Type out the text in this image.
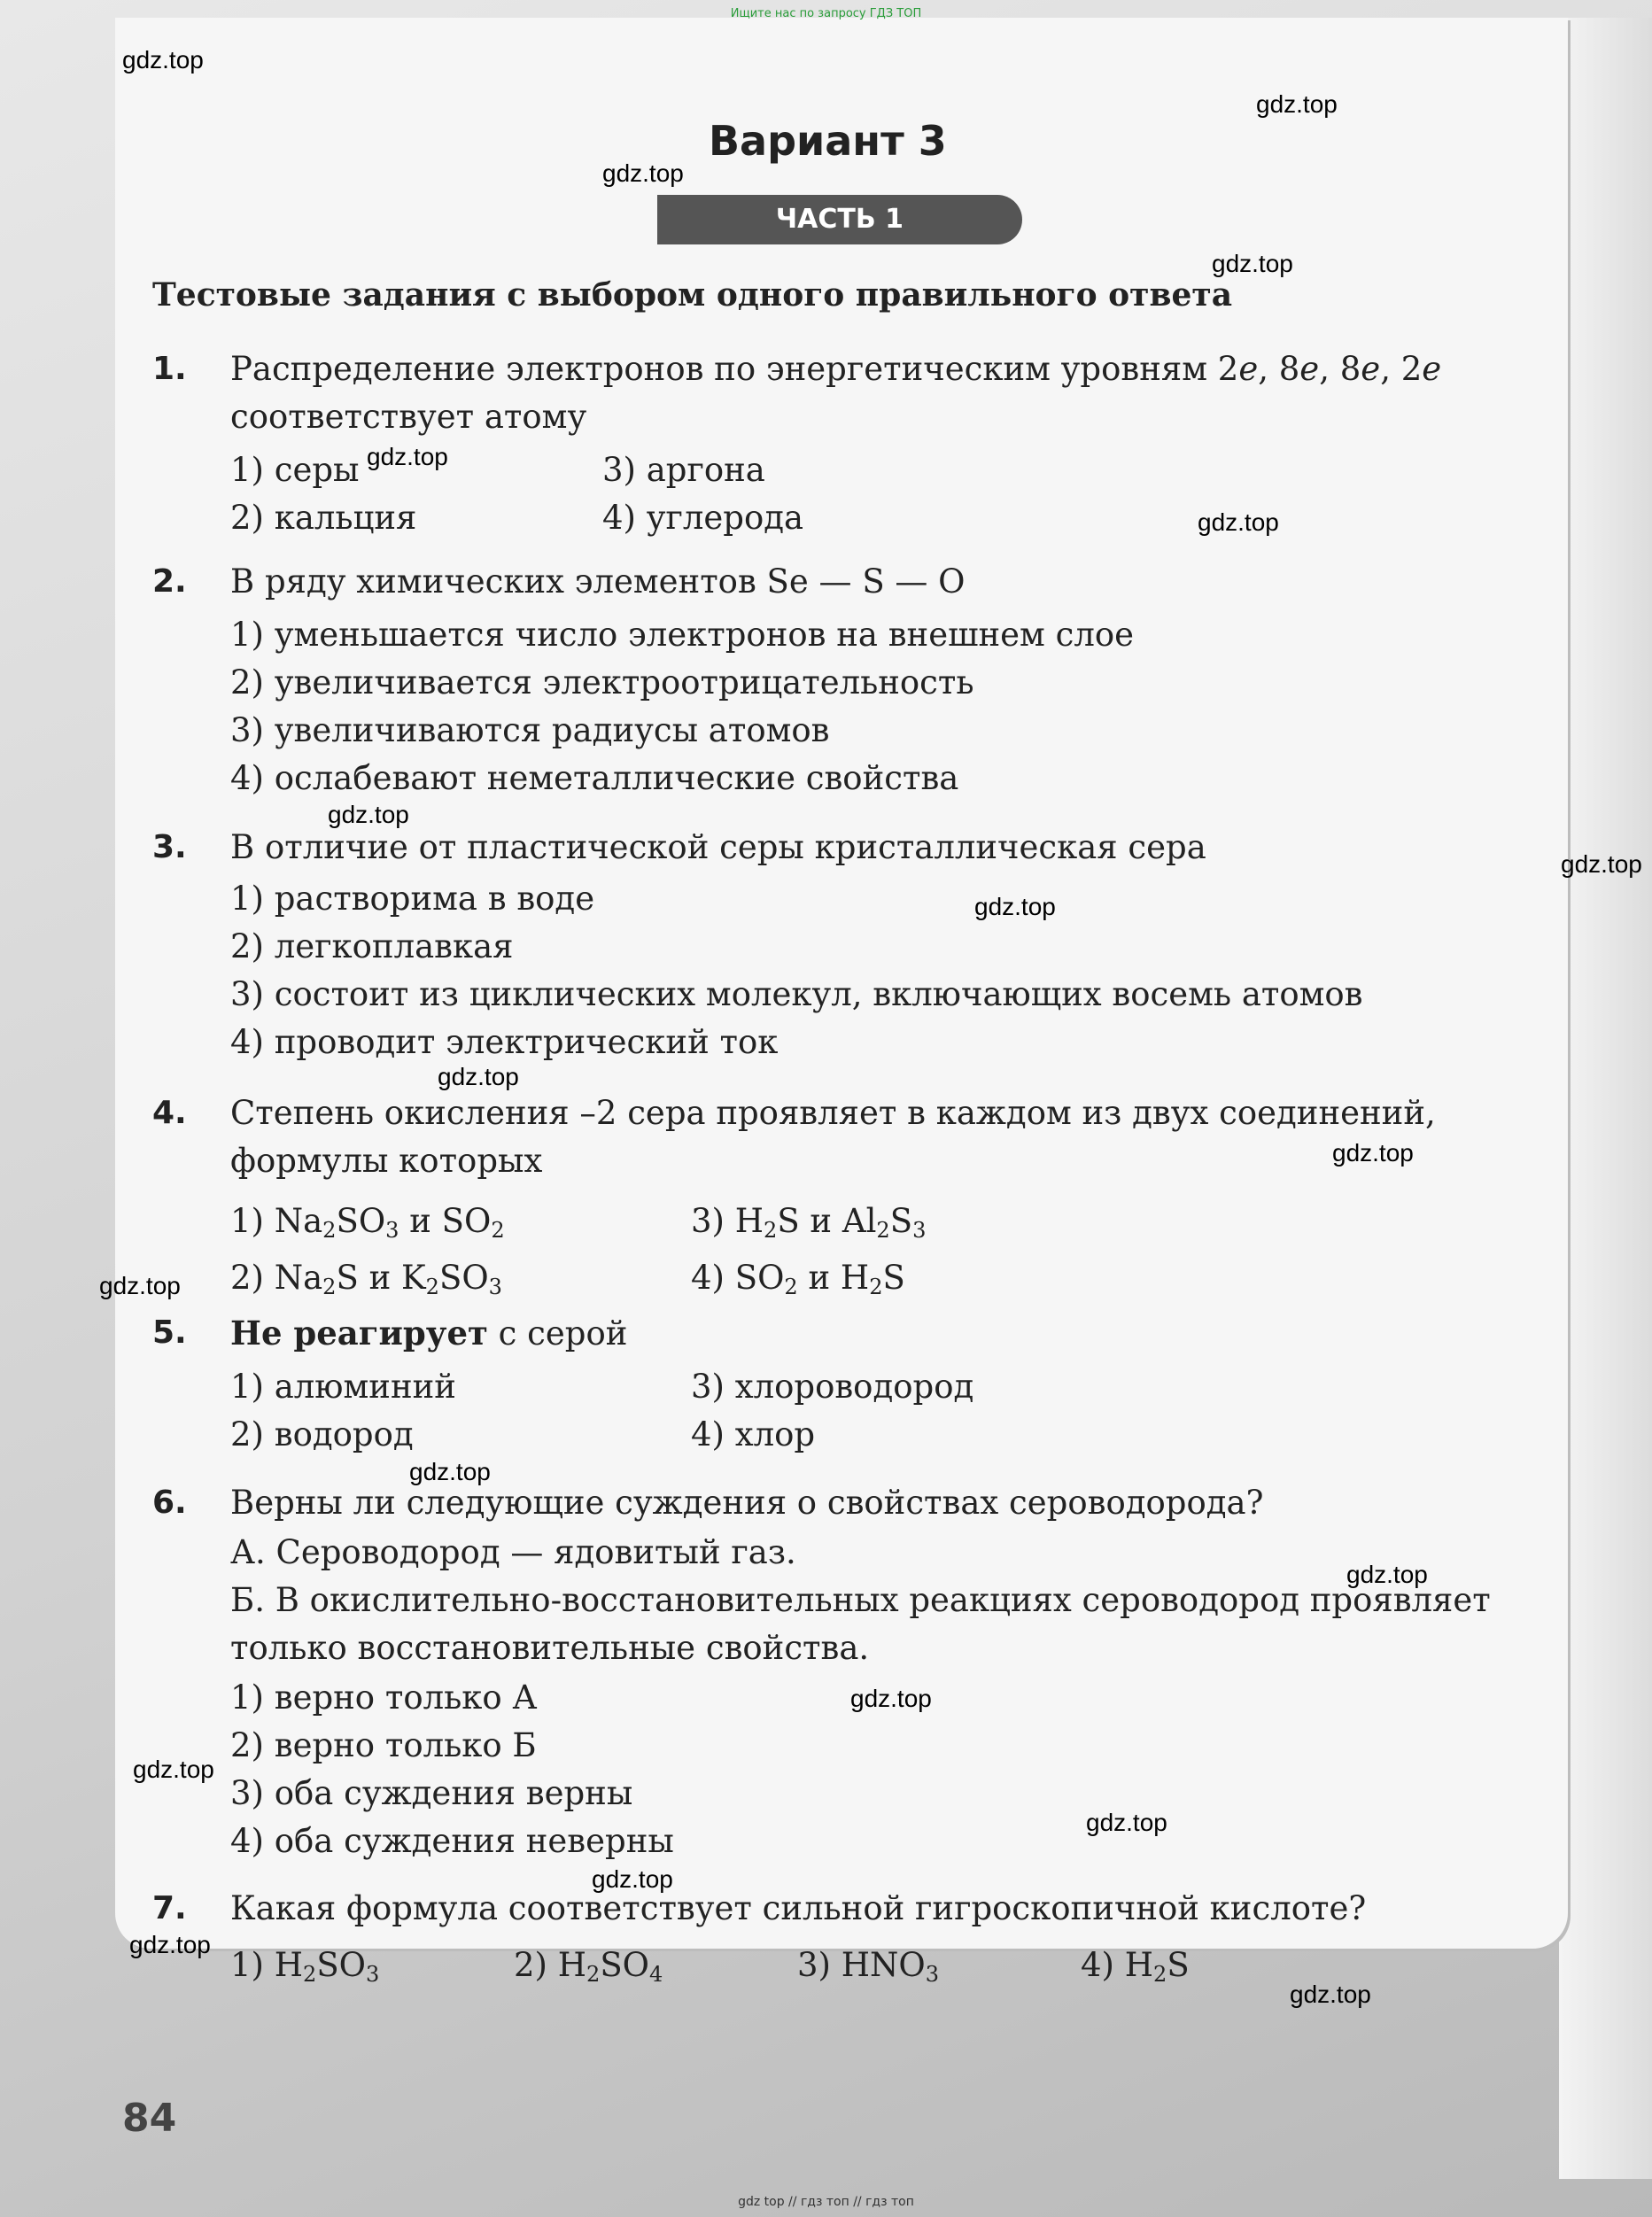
Ищите нас по запросу ГДЗ ТОП
Вариант 3
ЧАСТЬ 1
Тестовые задания с выбором одного правильного ответа
1.	Распределение электронов по энергетическим уровням 2e, 8e, 8e, 2e соответствует атому
1) серы	3) аргона
2) кальция	4) углерода
2.	В ряду химических элементов Se — S — O
1) уменьшается число электронов на внешнем слое
2) увеличивается электроотрицательность
3) увеличиваются радиусы атомов
4) ослабевают неметаллические свойства
3.	В отличие от пластической серы кристаллическая сера
1) растворима в воде
2) легкоплавкая
3) состоит из циклических молекул, включающих восемь атомов
4) проводит электрический ток
4.	Степень окисления –2 сера проявляет в каждом из двух соединений, формулы которых
1) $Na_2SO_3$ и $SO_2$	3) $H_2S$ и $Al_2S_3$
2) $Na_2S$ и $K_2SO_3$	4) $SO_2$ и $H_2S$
5.	Не реагирует с серой
1) алюминий	3) хлороводород
2) водород	4) хлор
6.	Верны ли следующие суждения о свойствах сероводорода?
А. Сероводород — ядовитый газ.
Б. В окислительно-восстановительных реакциях сероводород проявляет только восстановительные свойства.
1) верно только А
2) верно только Б
3) оба суждения верны
4) оба суждения неверны
7.	Какая формула соответствует сильной гигроскопичной кислоте?
1) $H_2SO_3$	2) $H_2SO_4$	3) $HNO_3$	4) $H_2S$
84
gdz.top
gdz.top
gdz.top
gdz.top
gdz.top
gdz.top
gdz.top
gdz.top
gdz.top
gdz.top
gdz.top
gdz.top
gdz.top
gdz.top
gdz.top
gdz.top
gdz.top
gdz.top
gdz.top
gdz.top
gdz top // гдз топ // гдз топ
